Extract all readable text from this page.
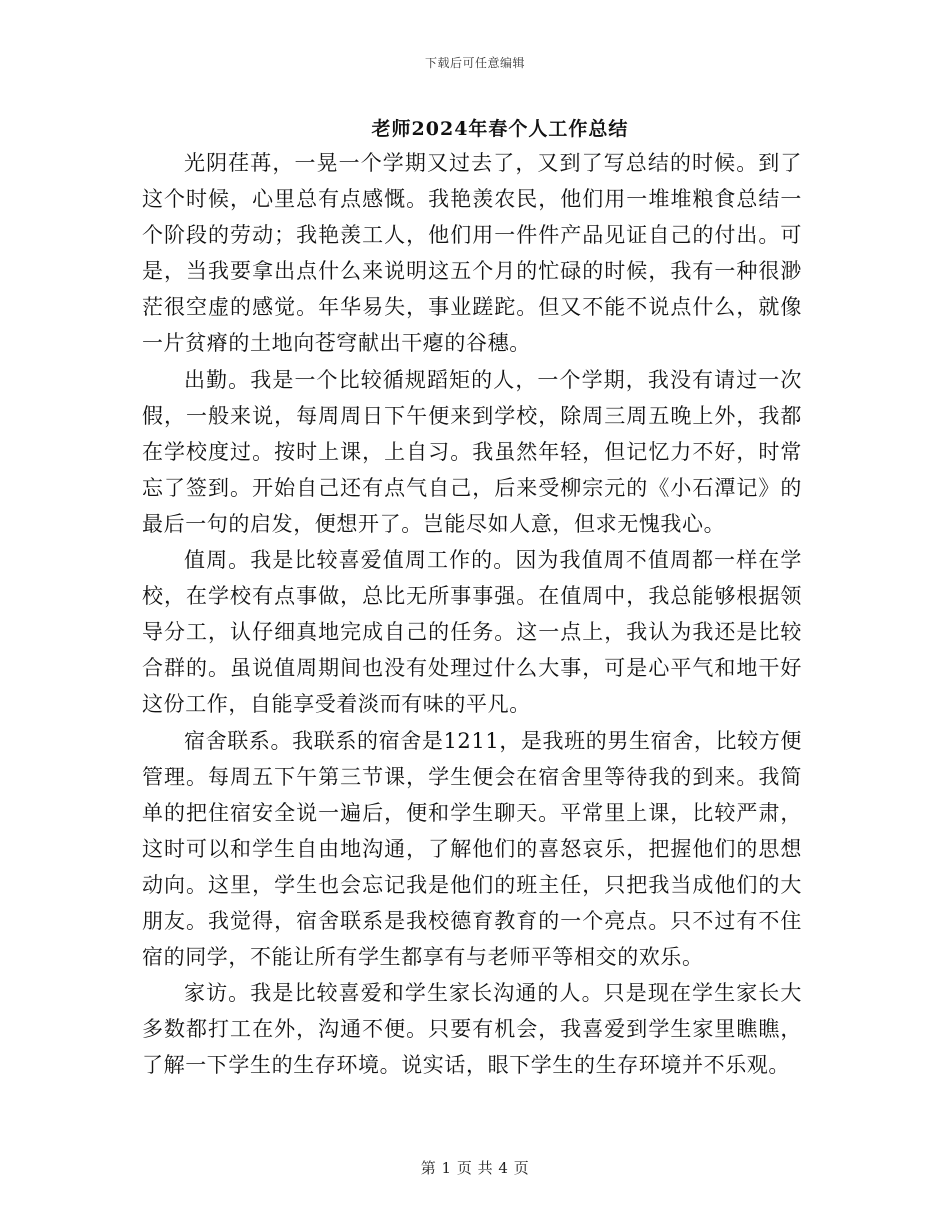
下载后可任意编辑
老师2024年春个人工作总结

光阴荏苒，一晃一个学期又过去了，又到了写总结的时候。到了这个时候，心里总有点感慨。我艳羡农民，他们用一堆堆粮食总结一个阶段的劳动；我艳羡工人，他们用一件件产品见证自己的付出。可是，当我要拿出点什么来说明这五个月的忙碌的时候，我有一种很渺茫很空虚的感觉。年华易失，事业蹉跎。但又不能不说点什么，就像一片贫瘠的土地向苍穹献出干瘪的谷穗。

出勤。我是一个比较循规蹈矩的人，一个学期，我没有请过一次假，一般来说，每周周日下午便来到学校，除周三周五晚上外，我都在学校度过。按时上课，上自习。我虽然年轻，但记忆力不好，时常忘了签到。开始自己还有点气自己，后来受柳宗元的《小石潭记》的最后一句的启发，便想开了。岂能尽如人意，但求无愧我心。

值周。我是比较喜爱值周工作的。因为我值周不值周都一样在学校，在学校有点事做，总比无所事事强。在值周中，我总能够根据领导分工，认仔细真地完成自己的任务。这一点上，我认为我还是比较合群的。虽说值周期间也没有处理过什么大事，可是心平气和地干好这份工作，自能享受着淡而有味的平凡。

宿舍联系。我联系的宿舍是1211，是我班的男生宿舍，比较方便管理。每周五下午第三节课，学生便会在宿舍里等待我的到来。我简单的把住宿安全说一遍后，便和学生聊天。平常里上课，比较严肃，这时可以和学生自由地沟通，了解他们的喜怒哀乐，把握他们的思想动向。这里，学生也会忘记我是他们的班主任，只把我当成他们的大朋友。我觉得，宿舍联系是我校德育教育的一个亮点。只不过有不住宿的同学，不能让所有学生都享有与老师平等相交的欢乐。

家访。我是比较喜爱和学生家长沟通的人。只是现在学生家长大多数都打工在外，沟通不便。只要有机会，我喜爱到学生家里瞧瞧，了解一下学生的生存环境。说实话，眼下学生的生存环境并不乐观。

第 1 页 共 4 页
